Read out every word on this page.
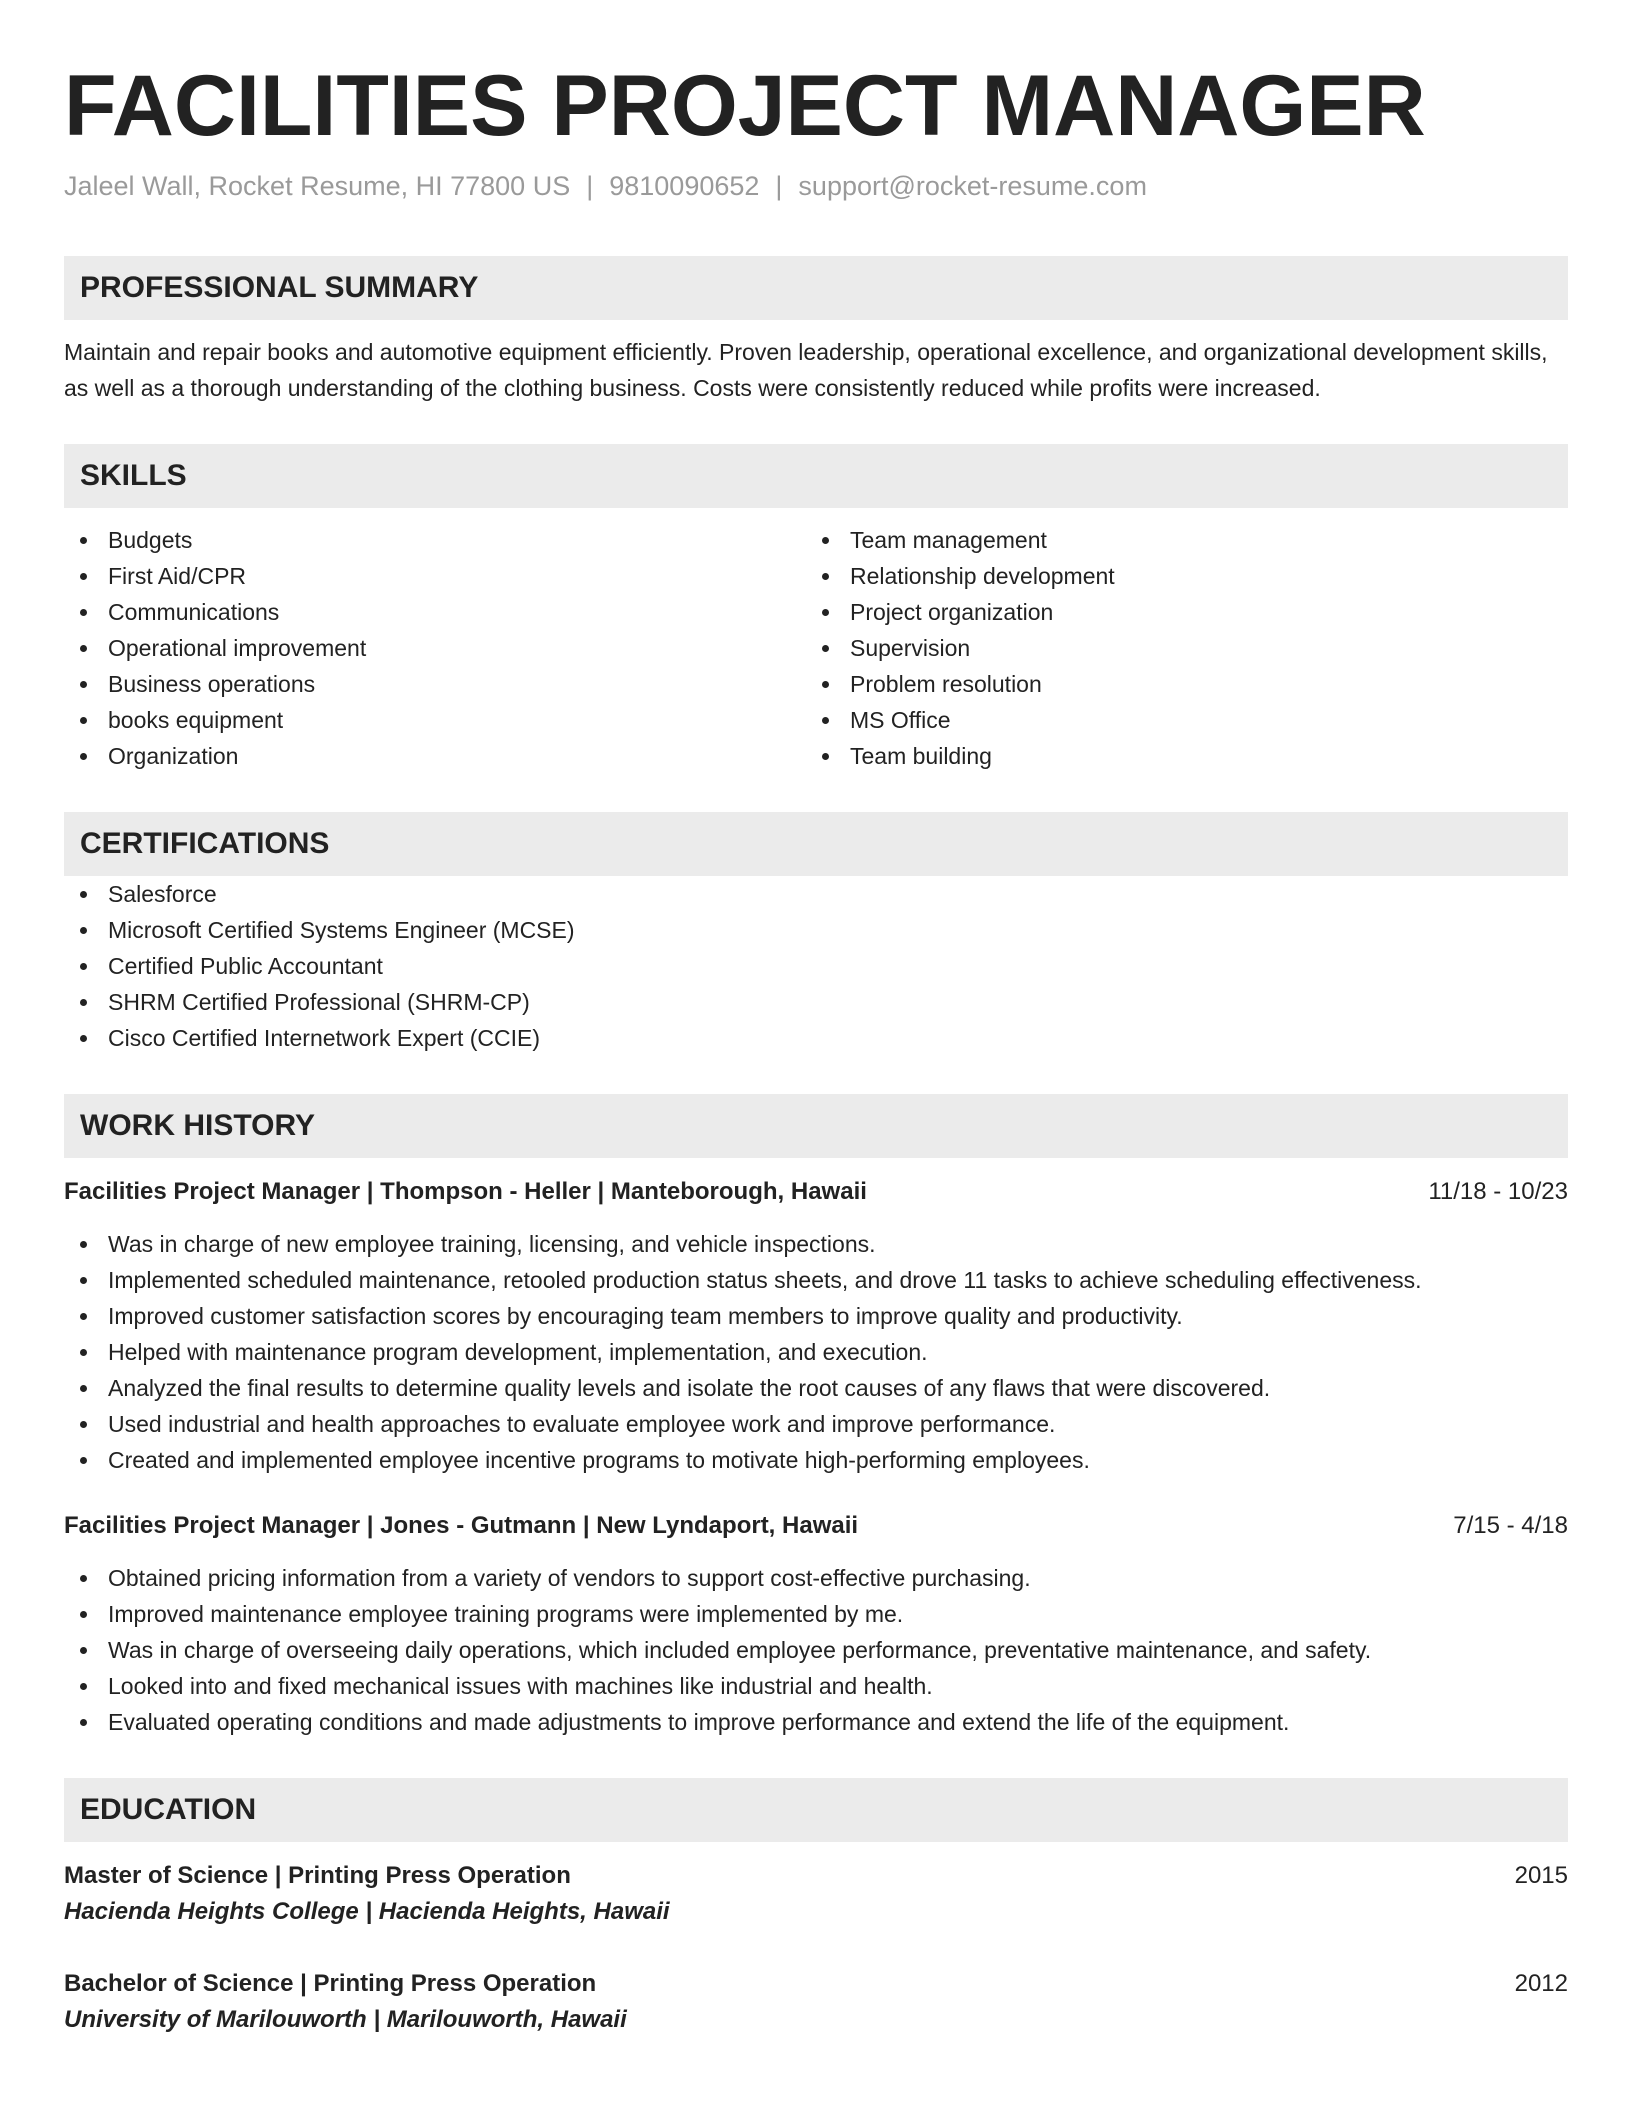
FACILITIES PROJECT MANAGER
Jaleel Wall, Rocket Resume, HI 77800 US | 9810090652 | support@rocket-resume.com
PROFESSIONAL SUMMARY
Maintain and repair books and automotive equipment efficiently. Proven leadership, operational excellence, and organizational development skills, as well as a thorough understanding of the clothing business. Costs were consistently reduced while profits were increased.
SKILLS
Budgets
First Aid/CPR
Communications
Operational improvement
Business operations
books equipment
Organization
Team management
Relationship development
Project organization
Supervision
Problem resolution
MS Office
Team building
CERTIFICATIONS
Salesforce
Microsoft Certified Systems Engineer (MCSE)
Certified Public Accountant
SHRM Certified Professional (SHRM-CP)
Cisco Certified Internetwork Expert (CCIE)
WORK HISTORY
Facilities Project Manager | Thompson - Heller | Manteborough, Hawaii	11/18 - 10/23
Was in charge of new employee training, licensing, and vehicle inspections.
Implemented scheduled maintenance, retooled production status sheets, and drove 11 tasks to achieve scheduling effectiveness.
Improved customer satisfaction scores by encouraging team members to improve quality and productivity.
Helped with maintenance program development, implementation, and execution.
Analyzed the final results to determine quality levels and isolate the root causes of any flaws that were discovered.
Used industrial and health approaches to evaluate employee work and improve performance.
Created and implemented employee incentive programs to motivate high-performing employees.
Facilities Project Manager | Jones - Gutmann | New Lyndaport, Hawaii	7/15 - 4/18
Obtained pricing information from a variety of vendors to support cost-effective purchasing.
Improved maintenance employee training programs were implemented by me.
Was in charge of overseeing daily operations, which included employee performance, preventative maintenance, and safety.
Looked into and fixed mechanical issues with machines like industrial and health.
Evaluated operating conditions and made adjustments to improve performance and extend the life of the equipment.
EDUCATION
Master of Science | Printing Press Operation	2015
Hacienda Heights College | Hacienda Heights, Hawaii
Bachelor of Science | Printing Press Operation	2012
University of Marilouworth | Marilouworth, Hawaii
